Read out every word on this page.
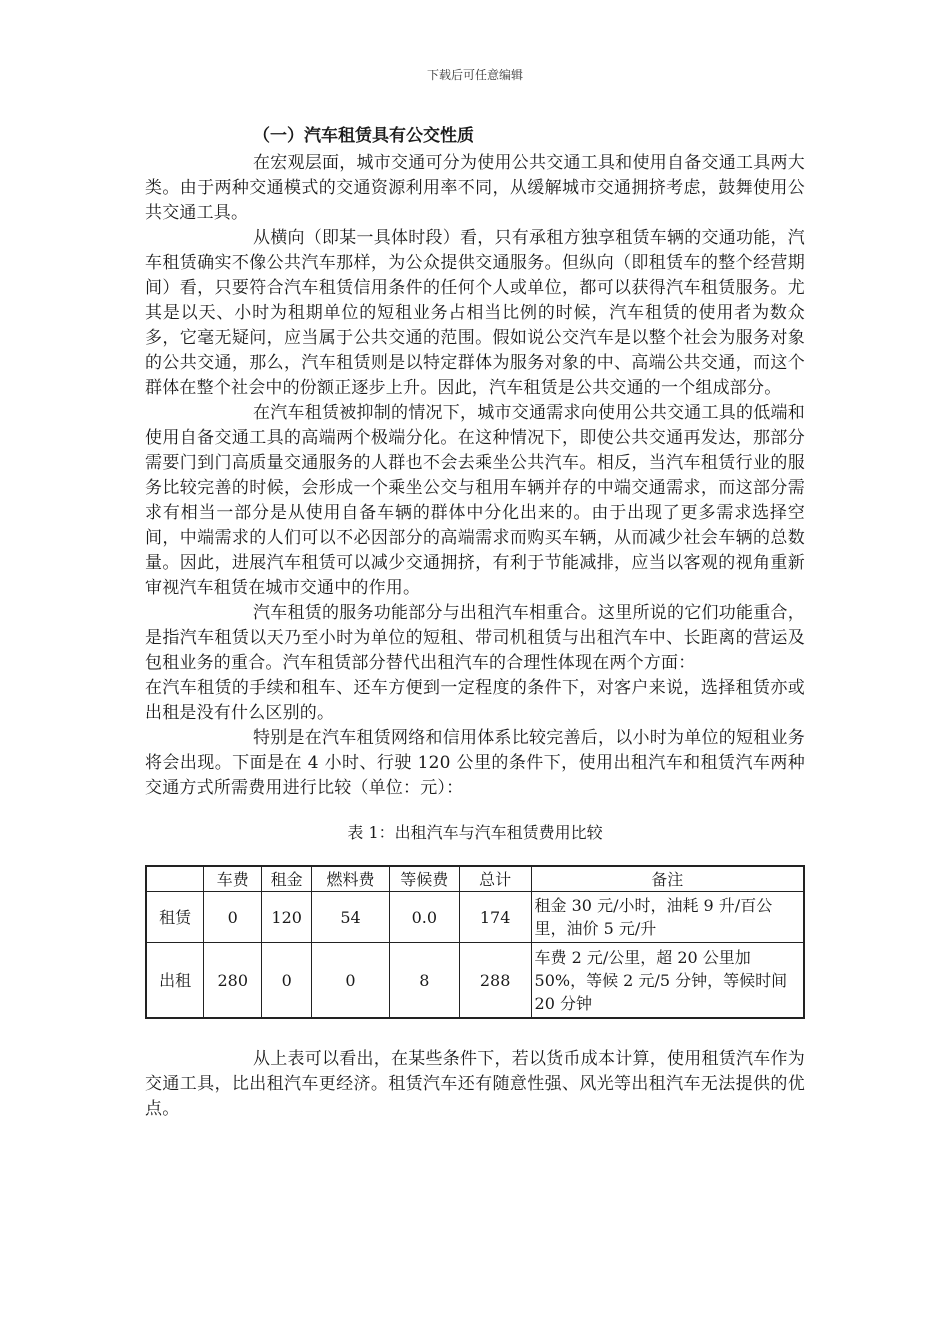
下载后可任意编辑
（一）汽车租赁具有公交性质

在宏观层面，城市交通可分为使用公共交通工具和使用自备交通工具两大类。由于两种交通模式的交通资源利用率不同，从缓解城市交通拥挤考虑，鼓舞使用公共交通工具。

从横向（即某一具体时段）看，只有承租方独享租赁车辆的交通功能，汽车租赁确实不像公共汽车那样，为公众提供交通服务。但纵向（即租赁车的整个经营期间）看，只要符合汽车租赁信用条件的任何个人或单位，都可以获得汽车租赁服务。尤其是以天、小时为租期单位的短租业务占相当比例的时候，汽车租赁的使用者为数众多，它毫无疑问，应当属于公共交通的范围。假如说公交汽车是以整个社会为服务对象的公共交通，那么，汽车租赁则是以特定群体为服务对象的中、高端公共交通，而这个群体在整个社会中的份额正逐步上升。因此，汽车租赁是公共交通的一个组成部分。

在汽车租赁被抑制的情况下，城市交通需求向使用公共交通工具的低端和使用自备交通工具的高端两个极端分化。在这种情况下，即使公共交通再发达，那部分需要门到门高质量交通服务的人群也不会去乘坐公共汽车。相反，当汽车租赁行业的服务比较完善的时候，会形成一个乘坐公交与租用车辆并存的中端交通需求，而这部分需求有相当一部分是从使用自备车辆的群体中分化出来的。由于出现了更多需求选择空间，中端需求的人们可以不必因部分的高端需求而购买车辆，从而减少社会车辆的总数量。因此，进展汽车租赁可以减少交通拥挤，有利于节能减排，应当以客观的视角重新审视汽车租赁在城市交通中的作用。

汽车租赁的服务功能部分与出租汽车相重合。这里所说的它们功能重合，是指汽车租赁以天乃至小时为单位的短租、带司机租赁与出租汽车中、长距离的营运及包租业务的重合。汽车租赁部分替代出租汽车的合理性体现在两个方面：

在汽车租赁的手续和租车、还车方便到一定程度的条件下，对客户来说，选择租赁亦或出租是没有什么区别的。

特别是在汽车租赁网络和信用体系比较完善后，以小时为单位的短租业务将会出现。下面是在 4 小时、行驶 120 公里的条件下，使用出租汽车和租赁汽车两种交通方式所需费用进行比较（单位：元）：

表 1：出租汽车与汽车租赁费用比较
	车费	租金	燃料费	等候费	总计	备注
租赁	0	120	54	0.0	174	租金 30 元/小时，油耗 9 升/百公里，油价 5 元/升
出租	280	0	0	8	288	车费 2 元/公里，超 20 公里加 50%，等候 2 元/5 分钟，等候时间 20 分钟

从上表可以看出，在某些条件下，若以货币成本计算，使用租赁汽车作为交通工具，比出租汽车更经济。租赁汽车还有随意性强、风光等出租汽车无法提供的优点。
